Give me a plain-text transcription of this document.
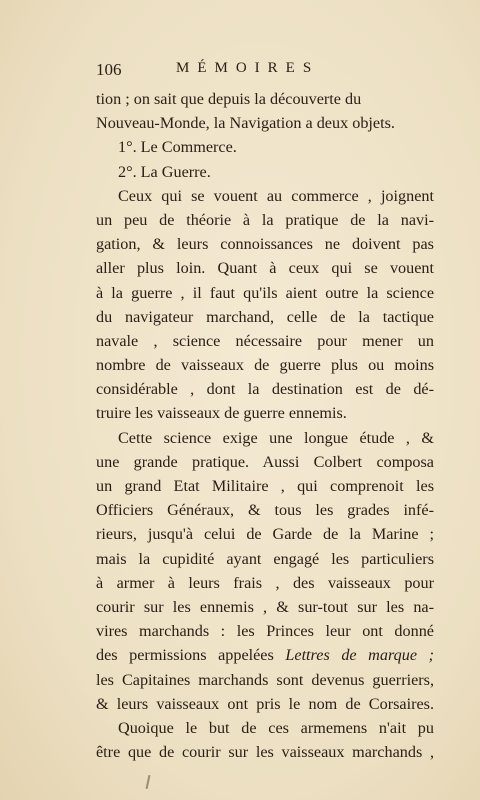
106	MÉMOIRES
tion ; on sait que depuis la découverte du
Nouveau-Monde, la Navigation a deux objets.
1°. Le Commerce.
2°. La Guerre.
Ceux qui se vouent au commerce , joignent
un peu de théorie à la pratique de la navi-
gation, & leurs connoissances ne doivent pas
aller plus loin. Quant à ceux qui se vouent
à la guerre , il faut qu'ils aient outre la science
du navigateur marchand, celle de la tactique
navale , science nécessaire pour mener un
nombre de vaisseaux de guerre plus ou moins
considérable , dont la destination est de dé-
truire les vaisseaux de guerre ennemis.
Cette science exige une longue étude , &
une grande pratique. Aussi Colbert composa
un grand Etat Militaire , qui comprenoit les
Officiers Généraux, & tous les grades infé-
rieurs, jusqu'à celui de Garde de la Marine ;
mais la cupidité ayant engagé les particuliers
à armer à leurs frais , des vaisseaux pour
courir sur les ennemis , & sur-tout sur les na-
vires marchands : les Princes leur ont donné
des permissions appelées Lettres de marque ;
les Capitaines marchands sont devenus guerriers,
& leurs vaisseaux ont pris le nom de Corsaires.
Quoique le but de ces armemens n'ait pu
être que de courir sur les vaisseaux marchands ,
